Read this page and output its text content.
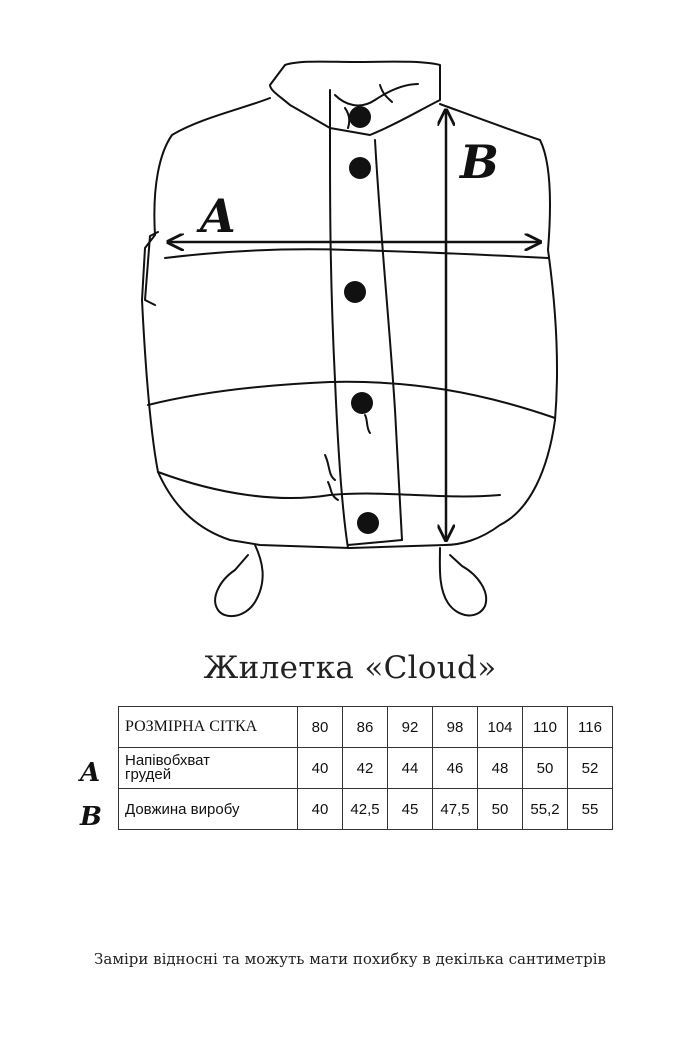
A
B
Жилетка «Cloud»
A
B
РОЗМІРНА СІТКА	80	86	92	98	104	110	116

Напівобхват
грудей	40	42	44	46	48	50	52
Довжина виробу	40	42,5	45	47,5	50	55,2	55
Заміри відносні та можуть мати похибку в декілька сантиметрів
